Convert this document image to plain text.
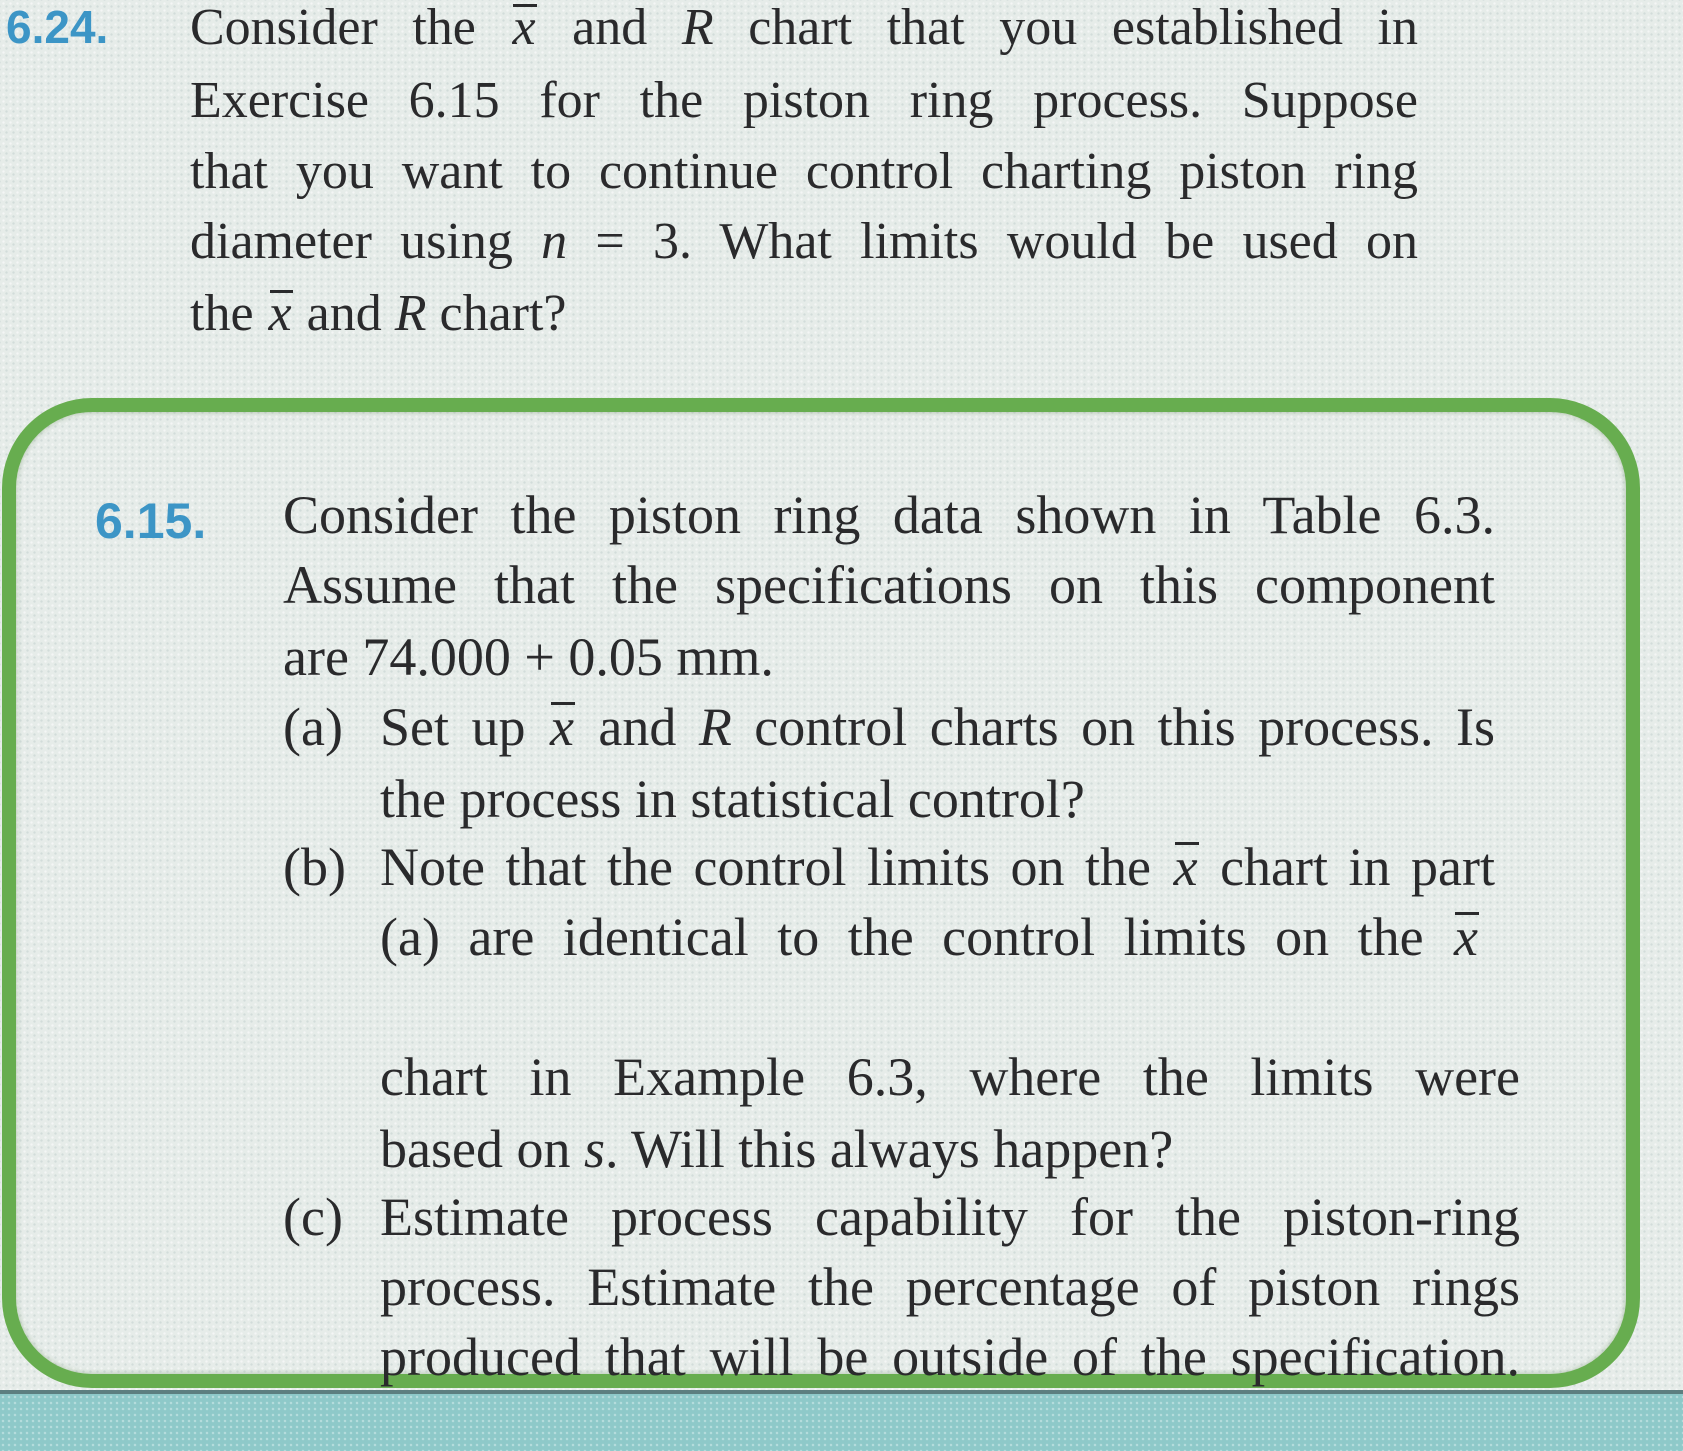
6.24. Consider the x and R chart that you established in
Exercise 6.15 for the piston ring process. Suppose
that you want to continue control charting piston ring
diameter using n = 3. What limits would be used on
the x and R chart?
6.15. Consider the piston ring data shown in Table 6.3.
Assume that the specifications on this component
are 74.000 + 0.05 mm.
(a) Set up x and R control charts on this process. Is
the process in statistical control?
(b) Note that the control limits on the x chart in part
(a) are identical to the control limits on the x
chart in Example 6.3, where the limits were
based on s. Will this always happen?
(c) Estimate process capability for the piston-ring
process. Estimate the percentage of piston rings
produced that will be outside of the specification.
